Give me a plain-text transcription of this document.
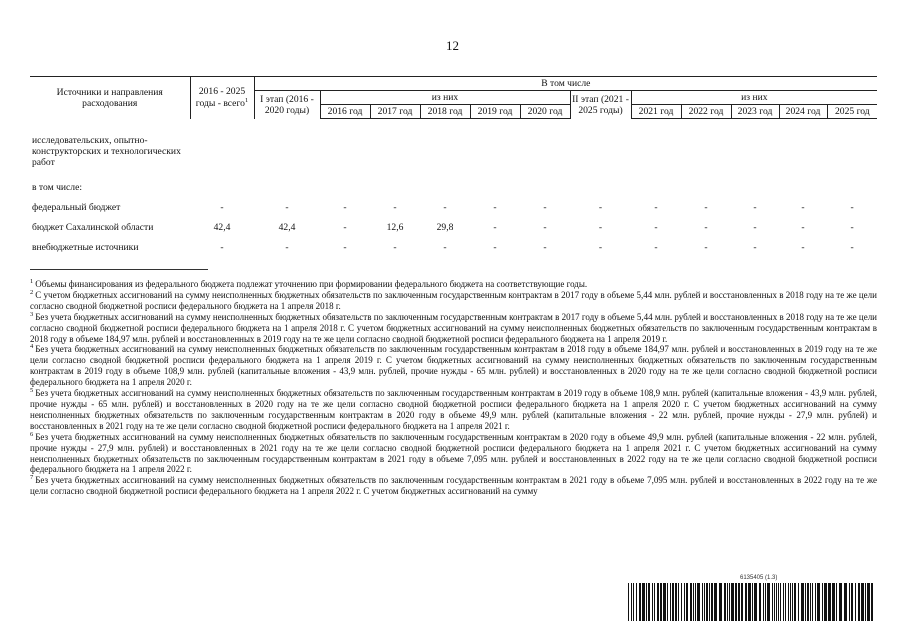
12
Источники и направления расходования	2016 - 2025 годы - всего$^1$	В том числе											
		I этап (2016 - 2020 годы)	из них					II этап (2021 - 2025 годы)	из них				
			2016 год	2017 год	2018 год	2019 год	2020 год		2021 год	2022 год	2023 год	2024 год	2025 год
исследовательских, опытно-конструкторских и технологических работ													
в том числе:													
федеральный бюджет	-	-	-	-	-	-	-	-	-	-	-	-	-
бюджет Сахалинской области	42,4	42,4	-	12,6	29,8	-	-	-	-	-	-	-	-
внебюджетные источники	-	-	-	-	-	-	-	-	-	-	-	-	-

$^1$ Объемы финансирования из федерального бюджета подлежат уточнению при формировании федерального бюджета на соответствующие годы.

$^2$ С учетом бюджетных ассигнований на сумму неисполненных бюджетных обязательств по заключенным государственным контрактам в 2017 году в объеме 5,44 млн. рублей и восстановленных в 2018 году на те же цели согласно сводной бюджетной росписи федерального бюджета на 1 апреля 2018 г.

$^3$ Без учета бюджетных ассигнований на сумму неисполненных бюджетных обязательств по заключенным государственным контрактам в 2017 году в объеме 5,44 млн. рублей и восстановленных в 2018 году на те же цели согласно сводной бюджетной росписи федерального бюджета на 1 апреля 2018 г. С учетом бюджетных ассигнований на сумму неисполненных бюджетных обязательств по заключенным государственным контрактам в 2018 году в объеме 184,97 млн. рублей и восстановленных в 2019 году на те же цели согласно сводной бюджетной росписи федерального бюджета на 1 апреля 2019 г.

$^4$ Без учета бюджетных ассигнований на сумму неисполненных бюджетных обязательств по заключенным государственным контрактам в 2018 году в объеме 184,97 млн. рублей и восстановленных в 2019 году на те же цели согласно сводной бюджетной росписи федерального бюджета на 1 апреля 2019 г. С учетом бюджетных ассигнований на сумму неисполненных бюджетных обязательств по заключенным государственным контрактам в 2019 году в объеме 108,9 млн. рублей (капитальные вложения - 43,9 млн. рублей, прочие нужды - 65 млн. рублей) и восстановленных в 2020 году на те же цели согласно сводной бюджетной росписи федерального бюджета на 1 апреля 2020 г.

$^5$ Без учета бюджетных ассигнований на сумму неисполненных бюджетных обязательств по заключенным государственным контрактам в 2019 году в объеме 108,9 млн. рублей (капитальные вложения - 43,9 млн. рублей, прочие нужды - 65 млн. рублей) и восстановленных в 2020 году на те же цели согласно сводной бюджетной росписи федерального бюджета на 1 апреля 2020 г. С учетом бюджетных ассигнований на сумму неисполненных бюджетных обязательств по заключенным государственным контрактам в 2020 году в объеме 49,9 млн. рублей (капитальные вложения - 22 млн. рублей, прочие нужды - 27,9 млн. рублей) и восстановленных в 2021 году на те же цели согласно сводной бюджетной росписи федерального бюджета на 1 апреля 2021 г.

$^6$ Без учета бюджетных ассигнований на сумму неисполненных бюджетных обязательств по заключенным государственным контрактам в 2020 году в объеме 49,9 млн. рублей (капитальные вложения - 22 млн. рублей, прочие нужды - 27,9 млн. рублей) и восстановленных в 2021 году на те же цели согласно сводной бюджетной росписи федерального бюджета на 1 апреля 2021 г. С учетом бюджетных ассигнований на сумму неисполненных бюджетных обязательств по заключенным государственным контрактам в 2021 году в объеме 7,095 млн. рублей и восстановленных в 2022 году на те же цели согласно сводной бюджетной росписи федерального бюджета на 1 апреля 2022 г.

$^7$ Без учета бюджетных ассигнований на сумму неисполненных бюджетных обязательств по заключенным государственным контрактам в 2021 году в объеме 7,095 млн. рублей и восстановленных в 2022 году на те же цели согласно сводной бюджетной росписи федерального бюджета на 1 апреля 2022 г. С учетом бюджетных ассигнований на сумму

6135405 (1.3)
